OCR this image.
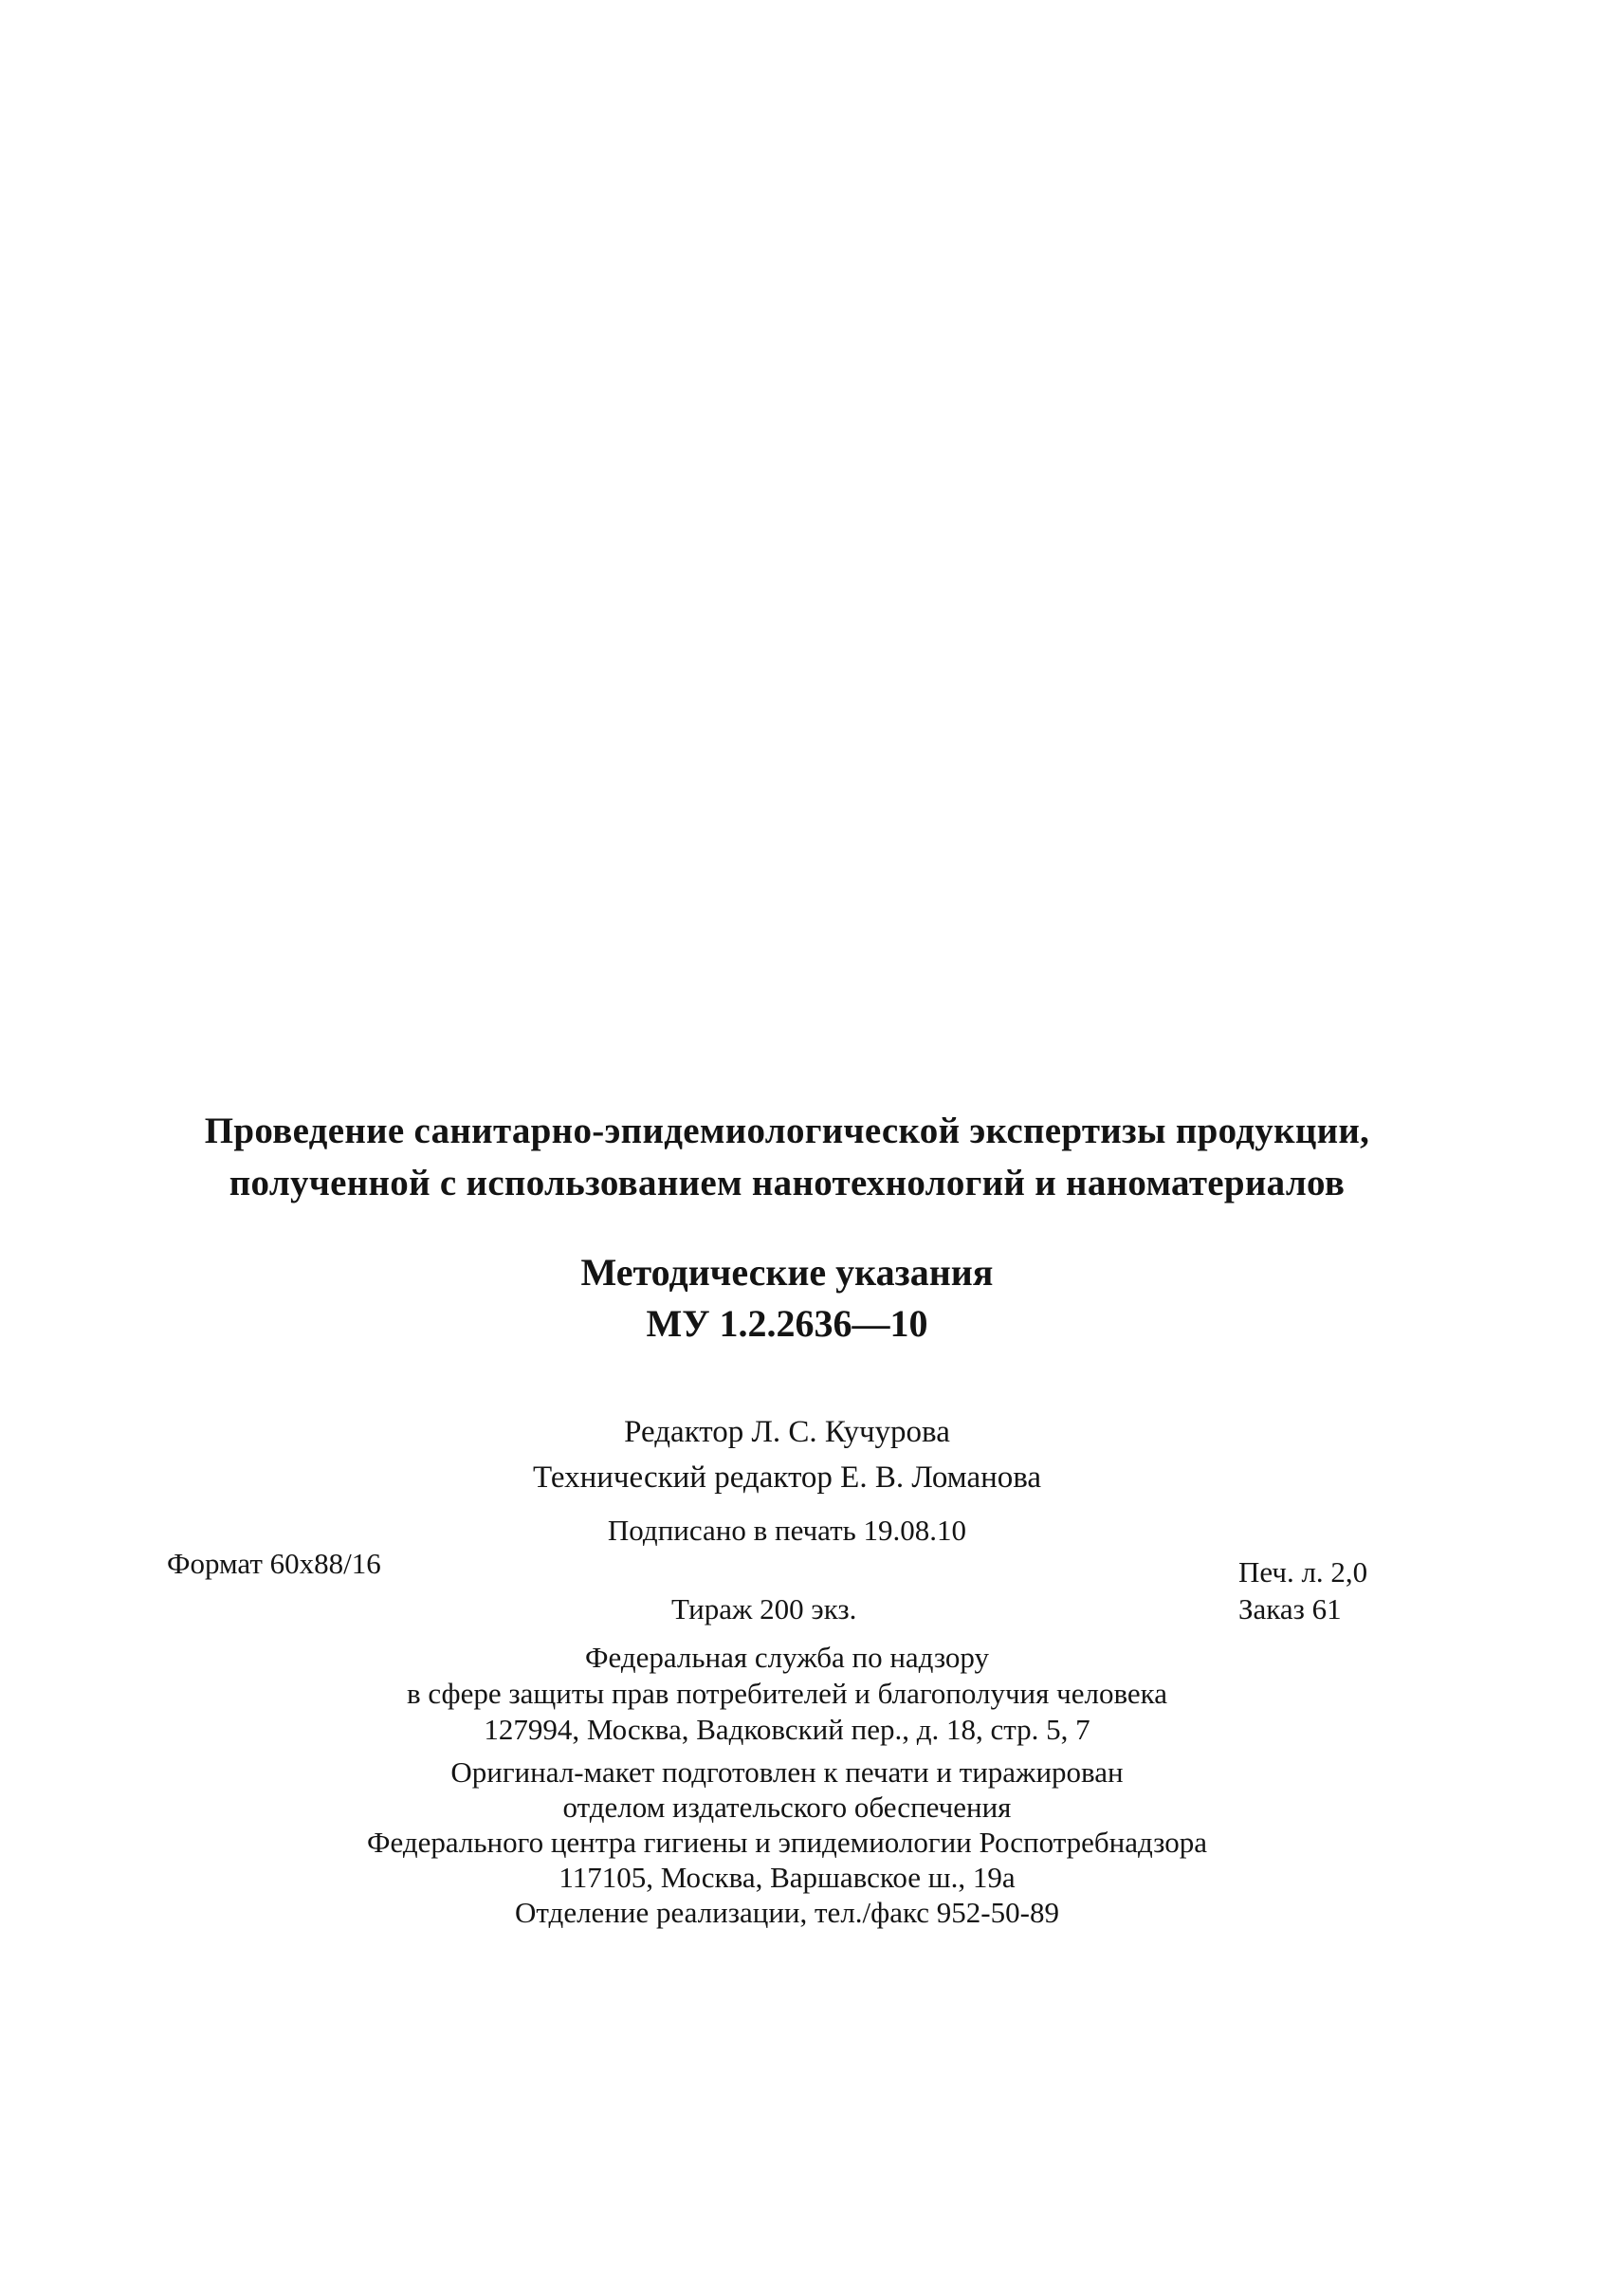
Проведение санитарно-эпидемиологической экспертизы продукции,

полученной с использованием нанотехнологий и наноматериалов

Методические указания

МУ 1.2.2636—10

Редактор Л. С. Кучурова

Технический редактор Е. В. Ломанова

Подписано в печать 19.08.10

Формат 60x88/16	Печ. л. 2,0

Тираж 200 экз.	Заказ 61

Федеральная служба по надзору

в сфере защиты прав потребителей и благополучия человека

127994, Москва, Вадковский пер., д. 18, стр. 5, 7

Оригинал-макет подготовлен к печати и тиражирован

отделом издательского обеспечения

Федерального центра гигиены и эпидемиологии Роспотребнадзора

117105, Москва, Варшавское ш., 19а

Отделение реализации, тел./факс 952-50-89
